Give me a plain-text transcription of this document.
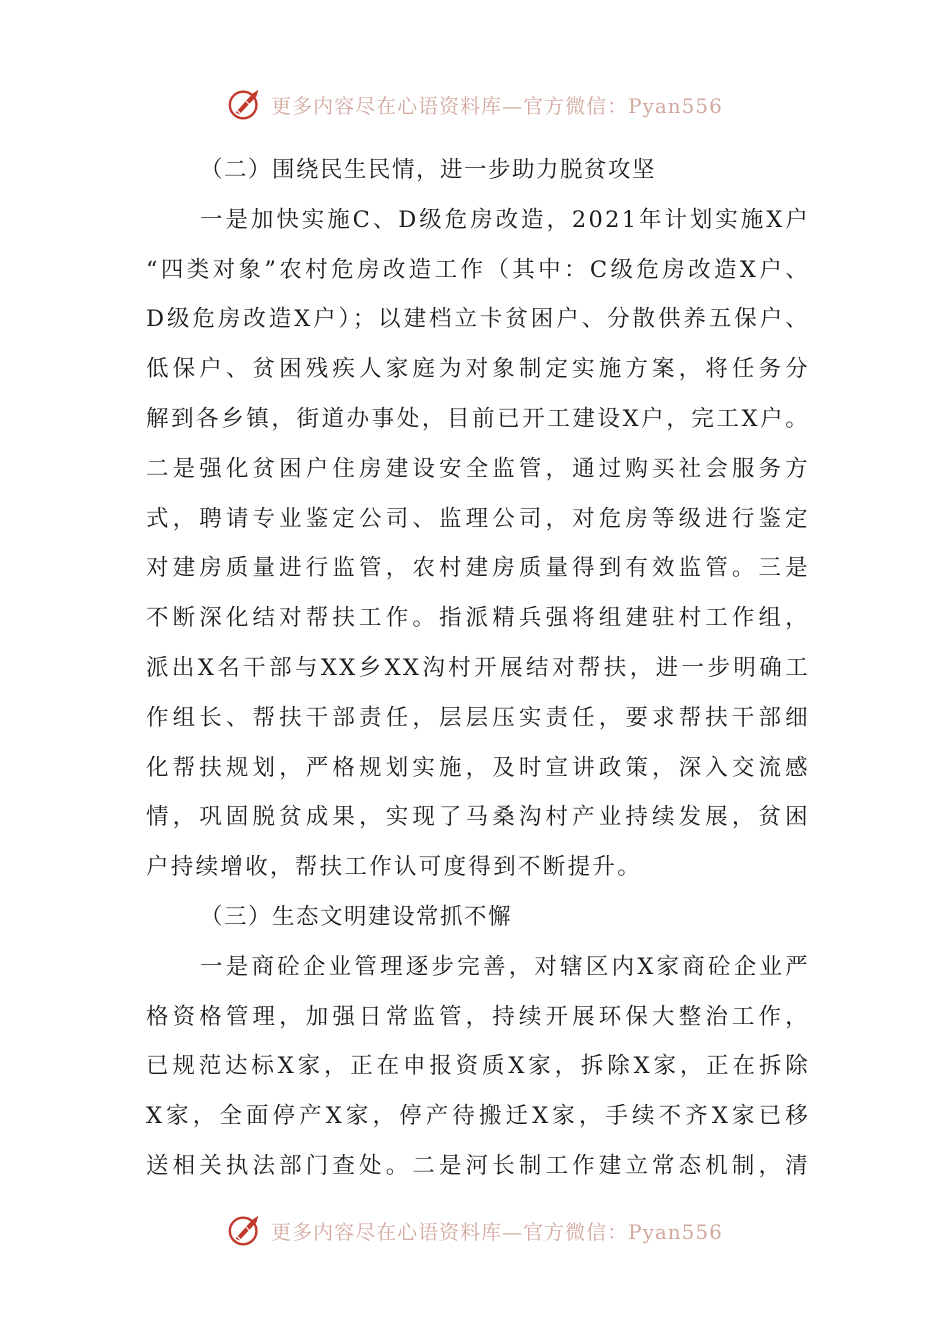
更多内容尽在心语资料库—官方微信：Pyan556
（二）围绕民生民情，进一步助力脱贫攻坚
一是加快实施C、D级危房改造，2021年计划实施X户
“四类对象”农村危房改造工作（其中：C级危房改造X户、
D级危房改造X户）；以建档立卡贫困户、分散供养五保户、
低保户、贫困残疾人家庭为对象制定实施方案，将任务分
解到各乡镇，街道办事处，目前已开工建设X户，完工X户。
二是强化贫困户住房建设安全监管，通过购买社会服务方
式，聘请专业鉴定公司、监理公司，对危房等级进行鉴定
对建房质量进行监管，农村建房质量得到有效监管。三是
不断深化结对帮扶工作。指派精兵强将组建驻村工作组，
派出X名干部与XX乡XX沟村开展结对帮扶，进一步明确工
作组长、帮扶干部责任，层层压实责任，要求帮扶干部细
化帮扶规划，严格规划实施，及时宣讲政策，深入交流感
情，巩固脱贫成果，实现了马桑沟村产业持续发展，贫困
户持续增收，帮扶工作认可度得到不断提升。
（三）生态文明建设常抓不懈
一是商砼企业管理逐步完善，对辖区内X家商砼企业严
格资格管理，加强日常监管，持续开展环保大整治工作，
已规范达标X家，正在申报资质X家，拆除X家，正在拆除
X家，全面停产X家，停产待搬迁X家，手续不齐X家已移
送相关执法部门查处。二是河长制工作建立常态机制，清
更多内容尽在心语资料库—官方微信：Pyan556
